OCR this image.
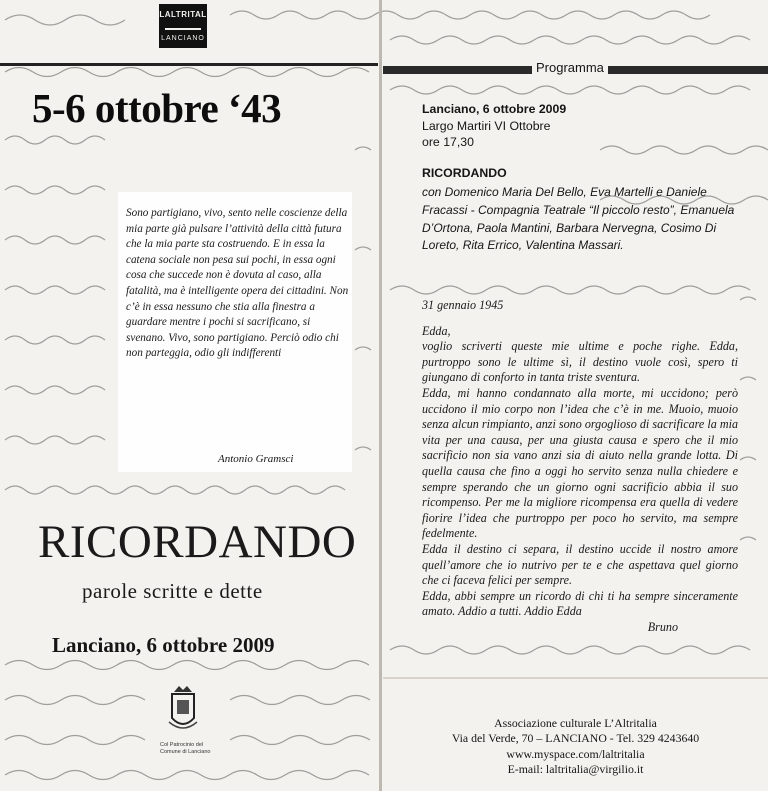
LALTRITAL
LANCIANO
5-6 ottobre ‘43
Sono partigiano, vivo, sento nelle coscienze della mia parte già pulsare l’attività della città futura che la mia parte sta costruendo. E in essa la catena sociale non pesa sui pochi, in essa ogni cosa che succede non è dovuta al caso, alla fatalità, ma è intelligente opera dei cittadini. Non c’è in essa nessuno che stia alla finestra a guardare mentre i pochi si sacrificano, si svenano. Vivo, sono partigiano. Perciò odio chi non parteggia, odio gli indifferenti
Antonio Gramsci
RICORDANDO
parole scritte e dette
Lanciano, 6 ottobre 2009
Col Patrocinio del Comune di Lanciano
Programma
Lanciano, 6 ottobre 2009
Largo Martiri VI Ottobre
ore 17,30
RICORDANDO
con Domenico Maria Del Bello, Eva Martelli e Daniele Fracassi - Compagnia Teatrale “Il piccolo resto”, Emanuela D’Ortona, Paola Mantini, Barbara Nervegna, Cosimo Di Loreto, Rita Errico, Valentina Massari.
31 gennaio 1945

Edda,

voglio scriverti queste mie ultime e poche righe. Edda, purtroppo sono le ultime sì, il destino vuole così, spero ti giungano di conforto in tanta triste sventura.

Edda, mi hanno condannato alla morte, mi uccidono; però uccidono il mio corpo non l’idea che c’è in me. Muoio, muoio senza alcun rimpianto, anzi sono orgoglioso di sacrificare la mia vita per una causa, per una giusta causa e spero che il mio sacrificio non sia vano anzi sia di aiuto nella grande lotta. Di quella causa che fino a oggi ho servito senza nulla chiedere e sempre sperando che un giorno ogni sacrificio abbia il suo ricompenso. Per me la migliore ricompensa era quella di vedere fiorire l’idea che purtroppo per poco ho servito, ma sempre fedelmente.

Edda il destino ci separa, il destino uccide il nostro amore quell’amore che io nutrivo per te e che aspettava quel giorno che ci faceva felici per sempre.

Edda, abbi sempre un ricordo di chi ti ha sempre sinceramente amato. Addio a tutti. Addio Edda

Bruno
Associazione culturale L’Altritalia
Via del Verde, 70 – LANCIANO - Tel. 329 4243640
www.myspace.com/laltritalia
E-mail: laltritalia@virgilio.it
